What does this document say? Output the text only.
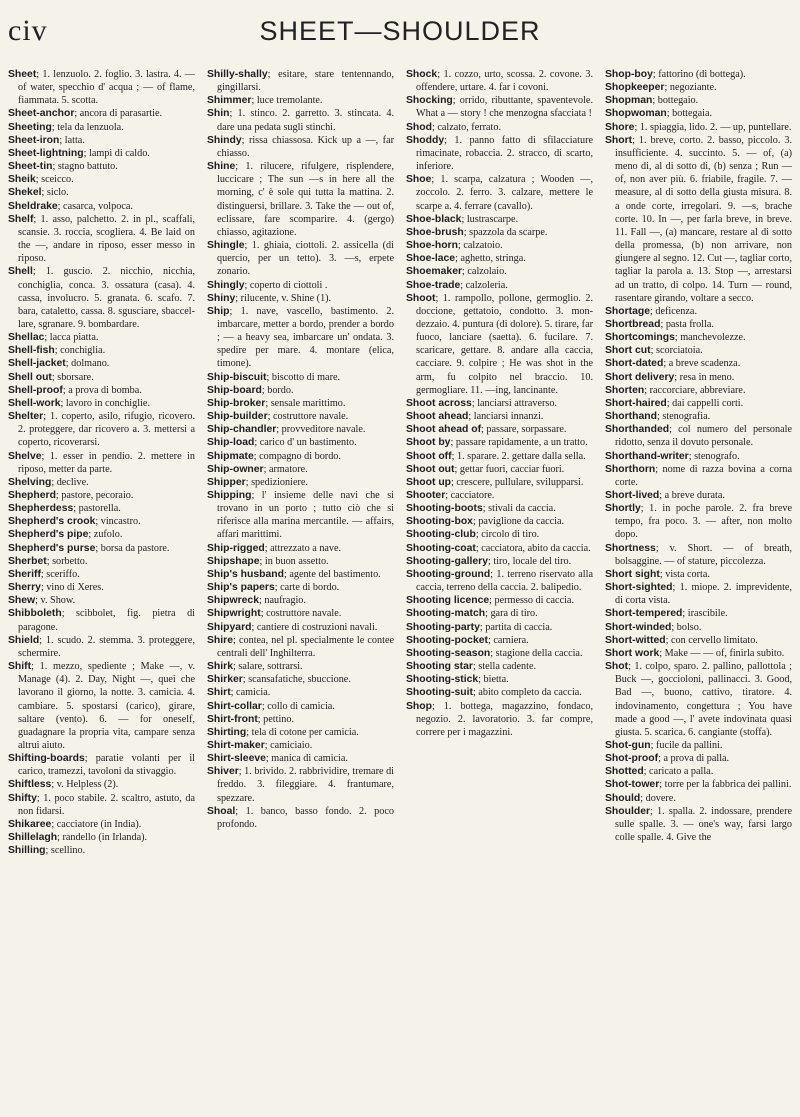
civ	SHEET—SHOULDER

Sheet; 1. lenzuolo. 2. foglio. 3. lastra. 4. — of water, specchio d' acqua ; — of flame, fiammata. 5. scotta.

Sheet-anchor; ancora di parasartie.

Sheeting; tela da lenzuola.

Sheet-iron; latta.

Sheet-lightning; lampi di caldo.

Sheet-tin; stagno battuto.

Sheik; sceicco.

Shekel; siclo.

Sheldrake; casarca, volpoca.

Shelf; 1. asso, palchetto. 2. in pl., scaffali, scansie. 3. roccia, scogliera. 4. Be laid on the —, andare in riposo, esser messo in riposo.

Shell; 1. guscio. 2. nicchio, nicchia, conchiglia, conca. 3. ossatura (casa). 4. cassa, involucro. 5. granata. 6. scafo. 7. bara, cataletto, cassa. 8. sgusciare, sbaccellare, sgranare. 9. bombardare.

Shellac; lacca piatta.

Shell-fish; conchiglia.

Shell-jacket; dolmano.

Shell out; sborsare.

Shell-proof; a prova di bomba.

Shell-work; lavoro in conchiglie.

Shelter; 1. coperto, asilo, rifugio, ricovero. 2. proteggere, dar ricovero a. 3. mettersi a coperto, ricoverarsi.

Shelve; 1. esser in pendio. 2. mettere in riposo, metter da parte.

Shelving; declive.

Shepherd; pastore, pecoraio.

Shepherdess; pastorella.

Shepherd's crook; vincastro.

Shepherd's pipe; zufolo.

Shepherd's purse; borsa da pastore.

Sherbet; sorbetto.

Sheriff; sceriffo.

Sherry; vino di Xeres.

Shew; v. Show.

Shibboleth; scibbolet, fig. pietra di paragone.

Shield; 1. scudo. 2. stemma. 3. proteggere, schermire.

Shift; 1. mezzo, spediente ; Make —, v. Manage (4). 2. Day, Night —, quei che lavorano il giorno, la notte. 3. camicia. 4. cambiare. 5. spostarsi (carico), girare, saltare (vento). 6. — for oneself, guadagnare la propria vita, campare senza altrui aiuto.

Shifting-boards; paratie volanti per il carico, tramezzi, tavoloni da stivaggio.

Shiftless; v. Helpless (2).

Shifty; 1. poco stabile. 2. scaltro, astuto, da non fidarsi.

Shikaree; cacciatore (in India).

Shillelagh; randello (in Irlanda).

Shilling; scellino.

Shilly-shally; esitare, stare tentennando, gingillarsi.

Shimmer; luce tremolante.

Shin; 1. stinco. 2. garretto. 3. stincata. 4. dare una pedata sugli stinchi.

Shindy; rissa chiassosa. Kick up a —, far chiasso.

Shine; 1. rilucere, rifulgere, risplendere, luccicare ; The sun —s in here all the morning, c' è sole qui tutta la mattina. 2. distinguersi, brillare. 3. Take the — out of, eclissare, fare scomparire. 4. (gergo) chiasso, agitazione.

Shingle; 1. ghiaia, ciottoli. 2. assicella (di quercio, per un tetto). 3. —s, erpete zonario.

Shingly; coperto di ciottoli .

Shiny; rilucente, v. Shine (1).

Ship; 1. nave, vascello, bastimento. 2. imbarcare, metter a bordo, prender a bordo ; — a heavy sea, imbarcare un' ondata. 3. spedire per mare. 4. montare (elica, timone).

Ship-biscuit; biscotto di mare.

Ship-board; bordo.

Ship-broker; sensale marittimo.

Ship-builder; costruttore navale.

Ship-chandler; provveditore navale.

Ship-load; carico d' un bastimento.

Shipmate; compagno di bordo.

Ship-owner; armatore.

Shipper; spedizioniere.

Shipping; l' insieme delle navi che si trovano in un porto ; tutto ciò che si riferisce alla marina mercantile. — affairs, affari marittimi.

Ship-rigged; attrezzato a nave.

Shipshape; in buon assetto.

Ship's husband; agente del bastimento.

Ship's papers; carte di bordo.

Shipwreck; naufragio.

Shipwright; costruttore navale.

Shipyard; cantiere di costruzioni navali.

Shire; contea, nel pl. specialmente le contee centrali dell' Inghilterra.

Shirk; salare, sottrarsi.

Shirker; scansafatiche, sbuccione.

Shirt; camicia.

Shirt-collar; collo di camicia.

Shirt-front; pettino.

Shirting; tela di cotone per camicia.

Shirt-maker; camiciaio.

Shirt-sleeve; manica di camicia.

Shiver; 1. brivido. 2. rabbrividire, tremare di freddo. 3. fileggiare. 4. frantumare, spezzare.

Shoal; 1. banco, basso fondo. 2. poco profondo.

Shock; 1. cozzo, urto, scossa. 2. covone. 3. offendere, urtare. 4. far i covoni.

Shocking; orrido, ributtante, spaventevole. What a — story ! che menzogna sfacciata !

Shod; calzato, ferrato.

Shoddy; 1. panno fatto di sfilacciature rimacinate, robaccia. 2. stracco, di scarto, inferiore.

Shoe; 1. scarpa, calzatura ; Wooden —, zoccolo. 2. ferro. 3. calzare, mettere le scarpe a. 4. ferrare (cavallo).

Shoe-black; lustrascarpe.

Shoe-brush; spazzola da scarpe.

Shoe-horn; calzatoio.

Shoe-lace; aghetto, stringa.

Shoemaker; calzolaio.

Shoe-trade; calzoleria.

Shoot; 1. rampollo, pollone, germoglio. 2. doccione, gettatoio, condotto. 3. mondezzaio. 4. puntura (di dolore). 5. tirare, far fuoco, lanciare (saetta). 6. fucilare. 7. scaricare, gettare. 8. andare alla caccia, cacciare. 9. colpire ; He was shot in the arm, fu colpito nel braccio. 10. germogliare. 11. —ing, lancinante.

Shoot across; lanciarsi attraverso.

Shoot ahead; lanciarsi innanzi.

Shoot ahead of; passare, sorpassare.

Shoot by; passare rapidamente, a un tratto.

Shoot off; 1. sparare. 2. gettare dalla sella.

Shoot out; gettar fuori, cacciar fuori.

Shoot up; crescere, pullulare, svilupparsi.

Shooter; cacciatore.

Shooting-boots; stivali da caccia.

Shooting-box; paviglione da caccia.

Shooting-club; circolo di tiro.

Shooting-coat; cacciatora, abito da caccia.

Shooting-gallery; tiro, locale del tiro.

Shooting-ground; 1. terreno riservato alla caccia, terreno della caccia. 2. balipedio.

Shooting licence; permesso di caccia.

Shooting-match; gara di tiro.

Shooting-party; partita di caccia.

Shooting-pocket; carniera.

Shooting-season; stagione della caccia.

Shooting star; stella cadente.

Shooting-stick; bietta.

Shooting-suit; abito completo da caccia.

Shop; 1. bottega, magazzino, fondaco, negozio. 2. lavoratorio. 3. far compre, correre per i magazzini.

Shop-boy; fattorino (di bottega).

Shopkeeper; negoziante.

Shopman; bottegaio.

Shopwoman; bottegaia.

Shore; 1. spiaggia, lido. 2. — up, puntellare.

Short; 1. breve, corto. 2. basso, piccolo. 3. insufficiente. 4. succinto. 5. — of, (a) meno di, al di sotto di, (b) senza ; Run — of, non aver più. 6. friabile, fragile. 7. — measure, al di sotto della giusta misura. 8. a onde corte, irregolari. 9. —s, brache corte. 10. In —, per farla breve, in breve. 11. Fall —, (a) mancare, restare al di sotto della promessa, (b) non arrivare, non giungere al segno. 12. Cut —, tagliar corto, tagliar la parola a. 13. Stop —, arrestarsi ad un tratto, di colpo. 14. Turn — round, rasentare girando, voltare a secco.

Shortage; deficenza.

Shortbread; pasta frolla.

Shortcomings; manchevolezze.

Short cut; scorciatoia.

Short-dated; a breve scadenza.

Short delivery; resa in meno.

Shorten; raccorciare, abbreviare.

Short-haired; dai cappelli corti.

Shorthand; stenografia.

Shorthanded; col numero del personale ridotto, senza il dovuto personale.

Shorthand-writer; stenografo.

Shorthorn; nome di razza bovina a corna corte.

Short-lived; a breve durata.

Shortly; 1. in poche parole. 2. fra breve tempo, fra poco. 3. — after, non molto dopo.

Shortness; v. Short. — of breath, bolsaggine. — of stature, piccolezza.

Short sight; vista corta.

Short-sighted; 1. miope. 2. imprevidente, di corta vista.

Short-tempered; irascibile.

Short-winded; bolso.

Short-witted; con cervello limitato.

Short work; Make — — of, finirla subito.

Shot; 1. colpo, sparo. 2. pallino, pallottola ; Buck —, goccioloni, pallinacci. 3. Good, Bad —, buono, cattivo, tiratore. 4. indovinamento, congettura ; You have made a good —, l' avete indovinata quasi giusta. 5. scarica. 6. cangiante (stoffa).

Shot-gun; fucile da pallini.

Shot-proof; a prova di palla.

Shotted; caricato a palla.

Shot-tower; torre per la fabbrica dei pallini.

Should; dovere.

Shoulder; 1. spalla. 2. indossare, prendere sulle spalle. 3. — one's way, farsi largo colle spalle. 4. Give the
